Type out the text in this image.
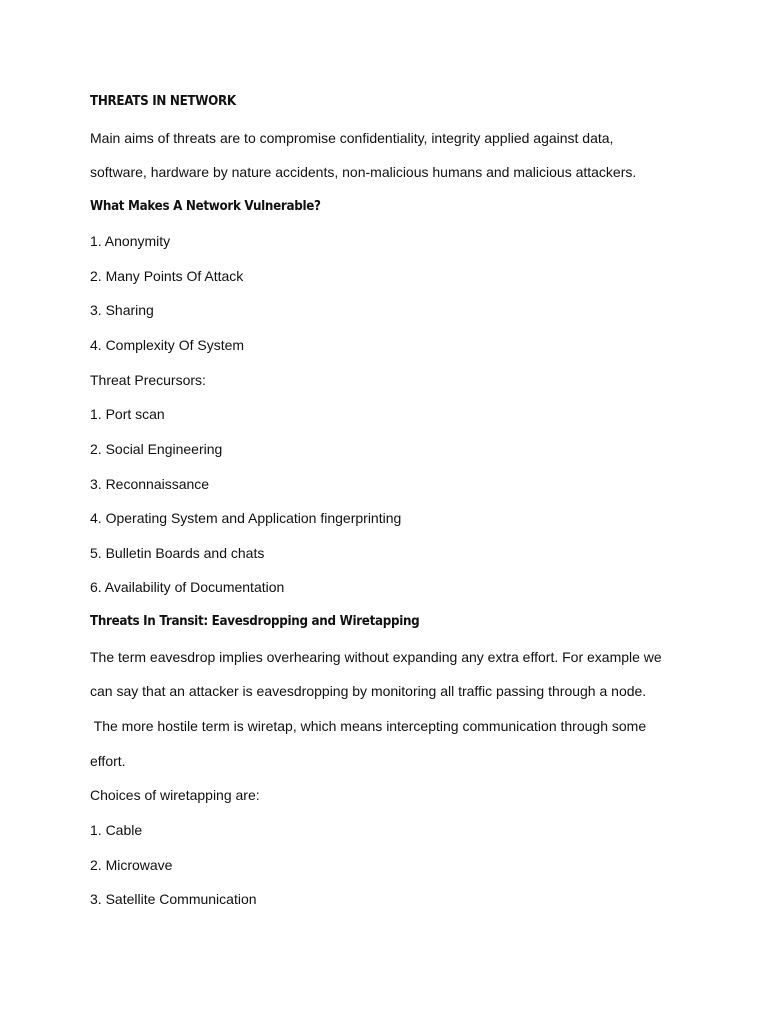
THREATS IN NETWORK
Main aims of threats are to compromise confidentiality, integrity applied against data,
software, hardware by nature accidents, non-malicious humans and malicious attackers.
What Makes A Network Vulnerable?
1. Anonymity
2. Many Points Of Attack
3. Sharing
4. Complexity Of System
Threat Precursors:
1. Port scan
2. Social Engineering
3. Reconnaissance
4. Operating System and Application fingerprinting
5. Bulletin Boards and chats
6. Availability of Documentation
Threats In Transit: Eavesdropping and Wiretapping
The term eavesdrop implies overhearing without expanding any extra effort. For example we
can say that an attacker is eavesdropping by monitoring all traffic passing through a node.
The more hostile term is wiretap, which means intercepting communication through some
effort.
Choices of wiretapping are:
1. Cable
2. Microwave
3. Satellite Communication
